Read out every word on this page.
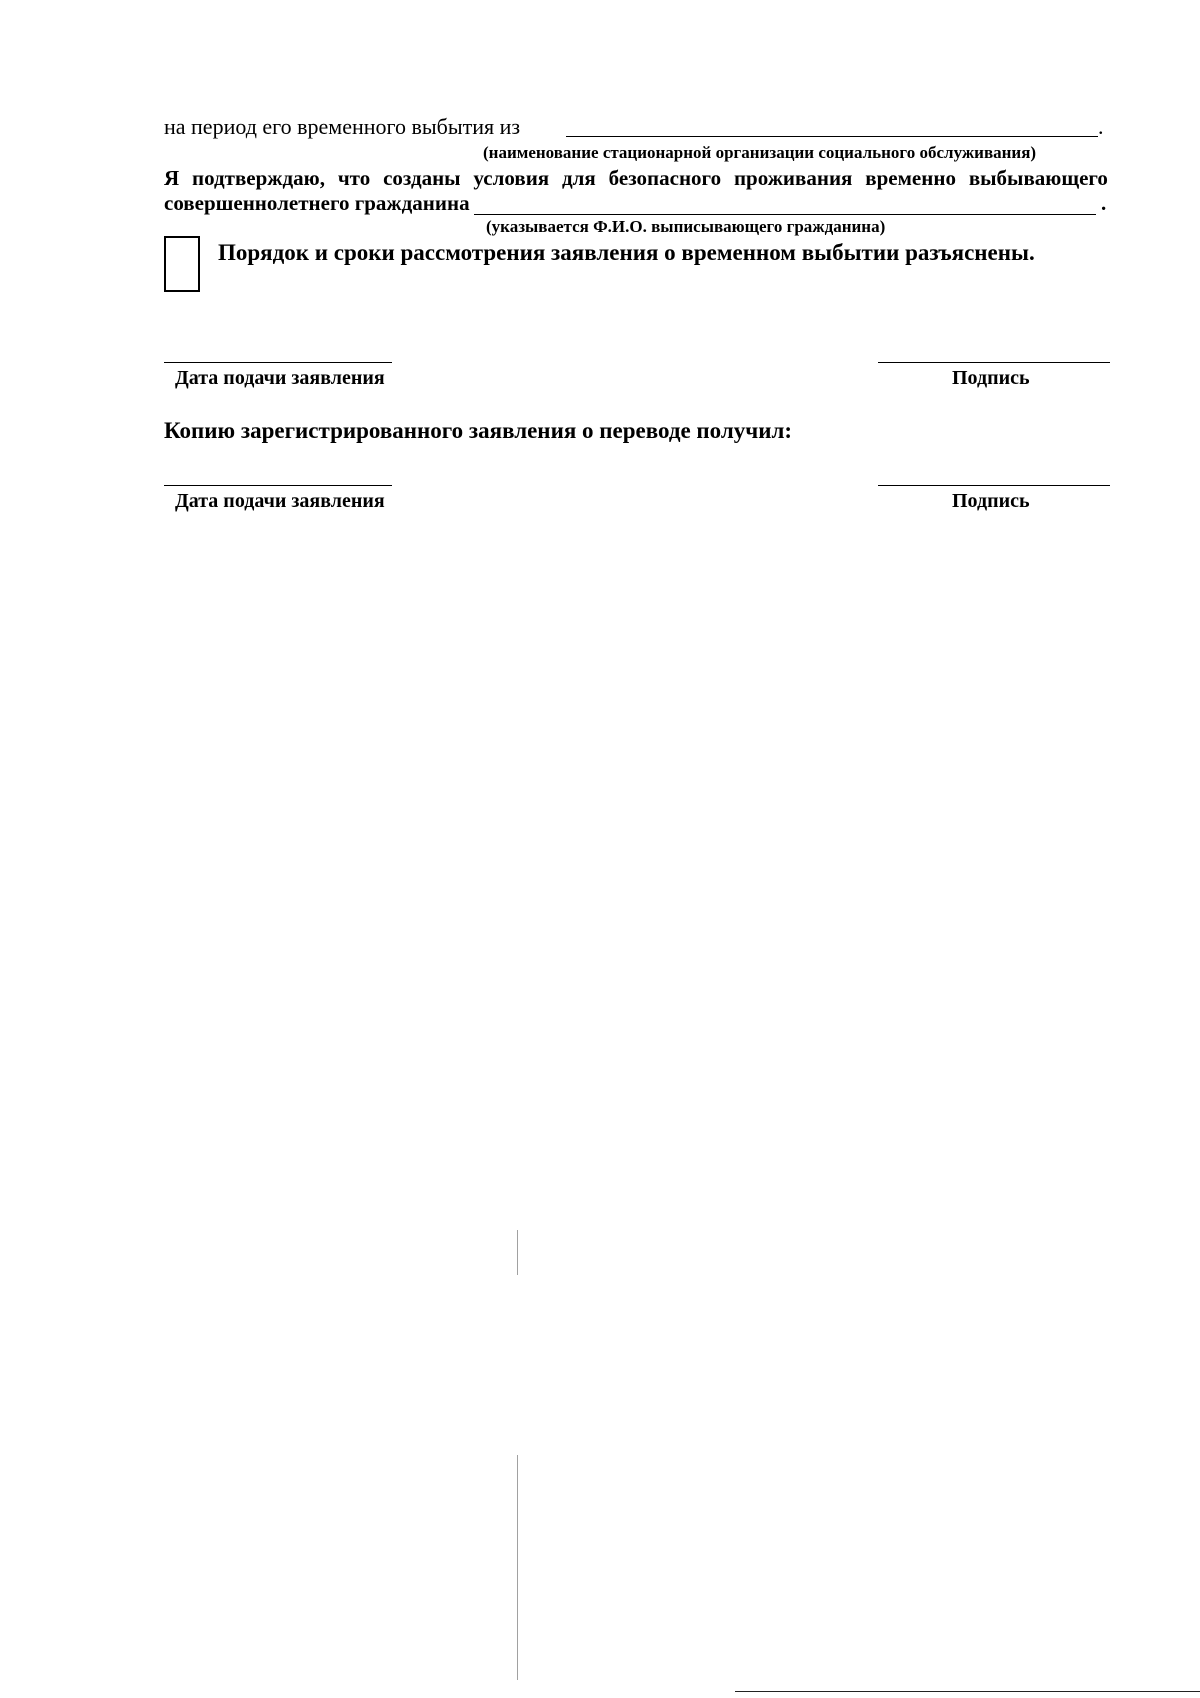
на период его временного выбытия из	.
(наименование стационарной организации социального обслуживания)
Я подтверждаю, что созданы условия для безопасного проживания временно выбывающего
совершеннолетнего гражданина	.
(указывается Ф.И.О. выписывающего гражданина)
Порядок и сроки рассмотрения заявления о временном выбытии разъяснены.
Дата подачи заявления	Подпись
Копию зарегистрированного заявления о переводе получил:
Дата подачи заявления	Подпись
